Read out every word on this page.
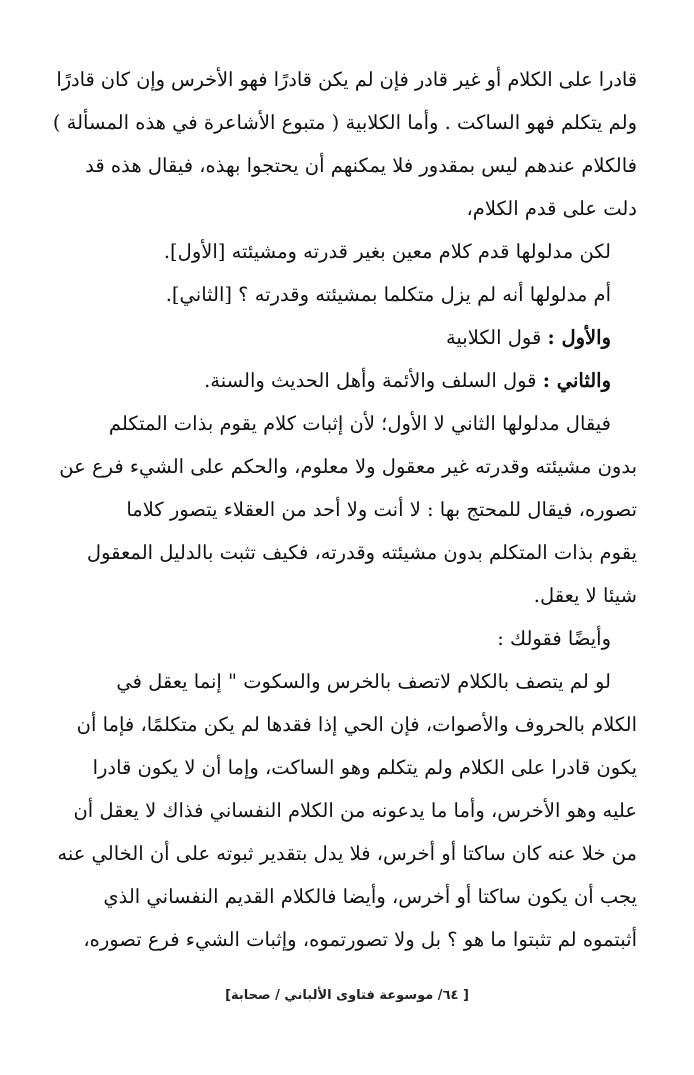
قادرا على الكلام أو غير قادر فإن لم يكن قادرًا فهو الأخرس وإن كان قادرًا
ولم يتكلم فهو الساكت . وأما الكلابية ( متبوع الأشاعرة في هذه المسألة )
فالكلام عندهم ليس بمقدور فلا يمكنهم أن يحتجوا بهذه، فيقال هذه قد
دلت على قدم الكلام،
لكن مدلولها قدم كلام معين بغير قدرته ومشيئته [الأول].
أم مدلولها أنه لم يزل متكلما بمشيئته وقدرته ؟ [الثاني].
والأول : قول الكلابية
والثاني : قول السلف والأئمة وأهل الحديث والسنة.
فيقال مدلولها الثاني لا الأول؛ لأن إثبات كلام يقوم بذات المتكلم
بدون مشيئته وقدرته غير معقول ولا معلوم، والحكم على الشيء فرع عن
تصوره، فيقال للمحتج بها : لا أنت ولا أحد من العقلاء يتصور كلاما
يقوم بذات المتكلم بدون مشيئته وقدرته، فكيف تثبت بالدليل المعقول
شيئا لا يعقل.
وأيضًا فقولك :
لو لم يتصف بالكلام لاتصف بالخرس والسكوت " إنما يعقل في
الكلام بالحروف والأصوات، فإن الحي إذا فقدها لم يكن متكلمًا، فإما أن
يكون قادرا على الكلام ولم يتكلم وهو الساكت، وإما أن لا يكون قادرا
عليه وهو الأخرس، وأما ما يدعونه من الكلام النفساني فذاك لا يعقل أن
من خلا عنه كان ساكتا أو أخرس، فلا يدل بتقدير ثبوته على أن الخالي عنه
يجب أن يكون ساكتا أو أخرس، وأيضا فالكلام القديم النفساني الذي
أثبتموه لم تثبتوا ما هو ؟ بل ولا تصورتموه، وإثبات الشيء فرع تصوره،
[ ٦٤/ موسوعة فتاوى الألباني / صحابة]
